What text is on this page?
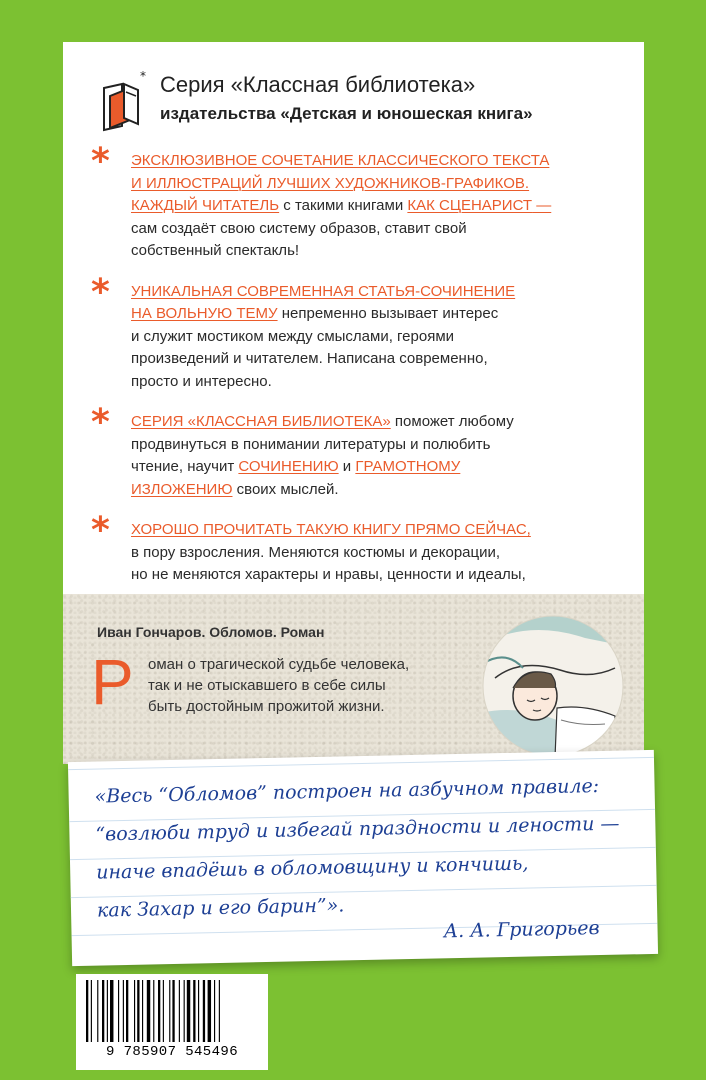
* Серия «Классная библиотека»
издательства «Детская и юношеская книга»
* ЭКСКЛЮЗИВНОЕ СОЧЕТАНИЕ КЛАССИЧЕСКОГО ТЕКСТА
И ИЛЛЮСТРАЦИЙ ЛУЧШИХ ХУДОЖНИКОВ-ГРАФИКОВ.
КАЖДЫЙ ЧИТАТЕЛЬ с такими книгами КАК СЦЕНАРИСТ —
сам создаёт свою систему образов, ставит свой
собственный спектакль!
* УНИКАЛЬНАЯ СОВРЕМЕННАЯ СТАТЬЯ-СОЧИНЕНИЕ
НА ВОЛЬНУЮ ТЕМУ непременно вызывает интерес
и служит мостиком между смыслами, героями
произведений и читателем. Написана современно,
просто и интересно.
* СЕРИЯ «КЛАССНАЯ БИБЛИОТЕКА» поможет любому
продвинуться в понимании литературы и полюбить
чтение, научит СОЧИНЕНИЮ и ГРАМОТНОМУ
ИЗЛОЖЕНИЮ своих мыслей.
* ХОРОШО ПРОЧИТАТЬ ТАКУЮ КНИГУ ПРЯМО СЕЙЧАС,
в пору взросления. Меняются костюмы и декорации,
но не меняются характеры и нравы, ценности и идеалы,

Иван Гончаров. Обломов. Роман
Р оман о трагической судьбе человека,
так и не отыскавшего в себе силы
быть достойным прожитой жизни.
«Весь “Обломов” построен на азбучном правиле:
“возлюби труд и избегай праздности и лености —
иначе впадёшь в обломовщину и кончишь,
как Захар и его барин”».
А. А. Григорьев
9 785907 545496
